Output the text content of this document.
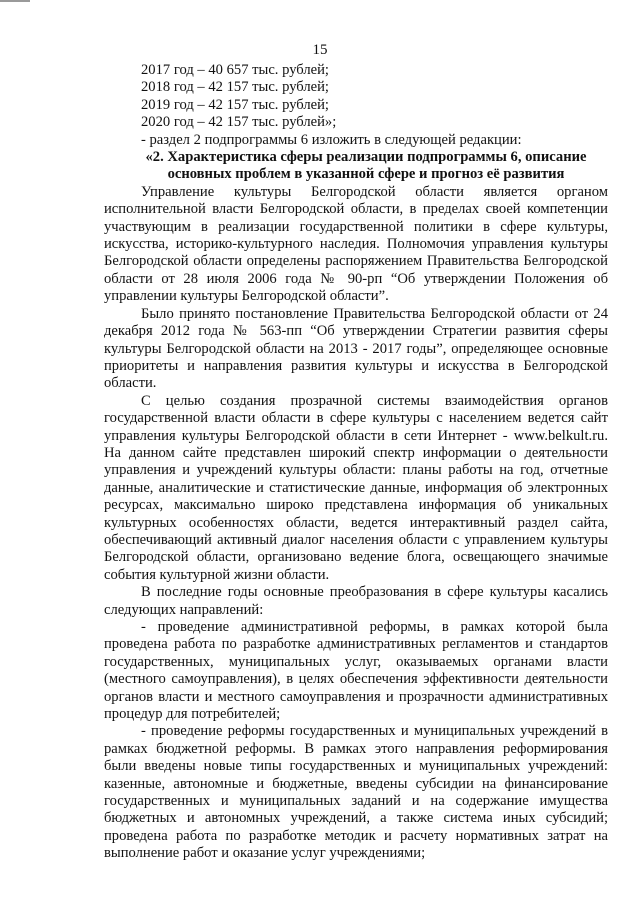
15

2017 год – 40 657 тыс. рублей;

2018 год – 42 157 тыс. рублей;

2019 год – 42 157 тыс. рублей;

2020 год – 42 157 тыс. рублей»;

- раздел 2 подпрограммы 6 изложить в следующей редакции:

«2. Характеристика сферы реализации подпрограммы 6, описание основных проблем в указанной сфере и прогноз её развития

Управление культуры Белгородской области является органом исполнительной власти Белгородской области, в пределах своей компетенции участвующим в реализации государственной политики в сфере культуры, искусства, историко-культурного наследия. Полномочия управления культуры Белгородской области определены распоряжением Правительства Белгородской области от 28 июля 2006 года № 90-рп “Об утверждении Положения об управлении культуры Белгородской области”.

Было принято постановление Правительства Белгородской области от 24 декабря 2012 года № 563-пп “Об утверждении Стратегии развития сферы культуры Белгородской области на 2013 - 2017 годы”, определяющее основные приоритеты и направления развития культуры и искусства в Белгородской области.

С целью создания прозрачной системы взаимодействия органов государственной власти области в сфере культуры с населением ведется сайт управления культуры Белгородской области в сети Интернет - www.belkult.ru. На данном сайте представлен широкий спектр информации о деятельности управления и учреждений культуры области: планы работы на год, отчетные данные, аналитические и статистические данные, информация об электронных ресурсах, максимально широко представлена информация об уникальных культурных особенностях области, ведется интерактивный раздел сайта, обеспечивающий активный диалог населения области с управлением культуры Белгородской области, организовано ведение блога, освещающего значимые события культурной жизни области.

В последние годы основные преобразования в сфере культуры касались следующих направлений:

- проведение административной реформы, в рамках которой была проведена работа по разработке административных регламентов и стандартов государственных, муниципальных услуг, оказываемых органами власти (местного самоуправления), в целях обеспечения эффективности деятельности органов власти и местного самоуправления и прозрачности административных процедур для потребителей;

- проведение реформы государственных и муниципальных учреждений в рамках бюджетной реформы. В рамках этого направления реформирования были введены новые типы государственных и муниципальных учреждений: казенные, автономные и бюджетные, введены субсидии на финансирование государственных и муниципальных заданий и на содержание имущества бюджетных и автономных учреждений, а также система иных субсидий; проведена работа по разработке методик и расчету нормативных затрат на выполнение работ и оказание услуг учреждениями;
